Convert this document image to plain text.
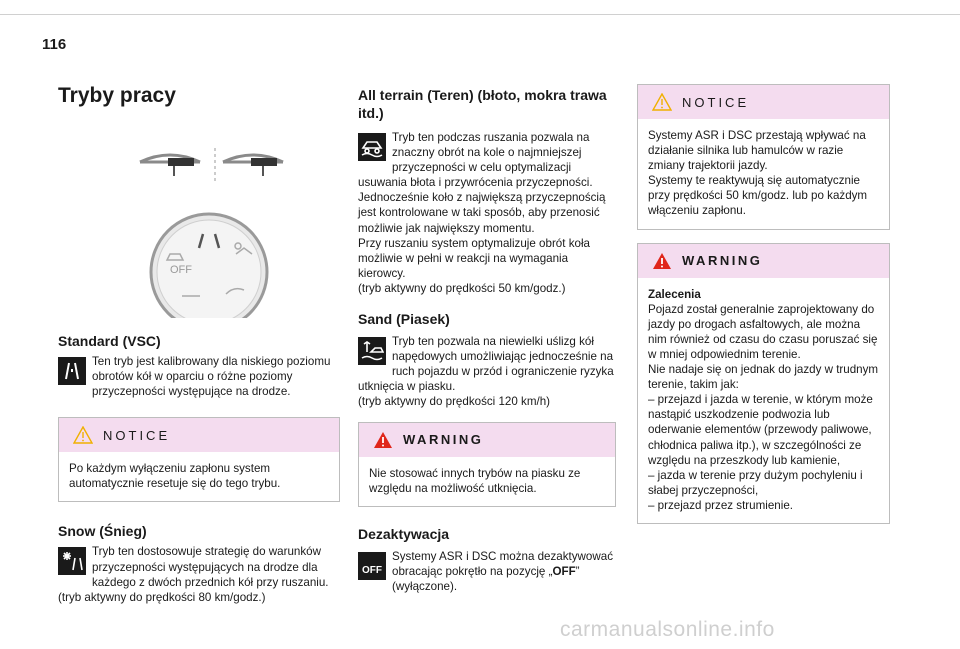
116
Tryby pracy
OFF
Standard (VSC)

Ten tryb jest kalibrowany dla niskiego poziomu obrotów kół w oparciu o różne poziomy przyczepności występujące na drodze.

NOTICE

Po każdym wyłączeniu zapłonu system automatycznie resetuje się do tego trybu.

Snow (Śnieg)

Tryb ten dostosowuje strategię do warunków przyczepności występujących na drodze dla każdego z dwóch przednich kół przy ruszaniu.
(tryb aktywny do prędkości 80 km/godz.)

All terrain (Teren) (błoto, mokra trawa itd.)

Tryb ten podczas ruszania pozwala na znaczny obrót na kole o najmniejszej przyczepności w celu optymalizacji usuwania błota i przywrócenia przyczepności.
Jednocześnie koło z największą przyczepnością jest kontrolowane w taki sposób, aby przenosić możliwie jak największy momentu.
Przy ruszaniu system optymalizuje obrót koła możliwie w pełni w reakcji na wymagania kierowcy.
(tryb aktywny do prędkości 50 km/godz.)

Sand (Piasek)

Tryb ten pozwala na niewielki uślizg kół napędowych umożliwiając jednocześnie na ruch pojazdu w przód i ograniczenie ryzyka utknięcia w piasku.
(tryb aktywny do prędkości 120 km/h)

WARNING

Nie stosować innych trybów na piasku ze względu na możliwość utknięcia.

Dezaktywacja
OFF

Systemy ASR i DSC można dezaktywować obracając pokrętło na pozycję „OFF” (wyłączone).

NOTICE

Systemy ASR i DSC przestają wpływać na działanie silnika lub hamulców w razie zmiany trajektorii jazdy.
Systemy te reaktywują się automatycznie przy prędkości 50 km/godz. lub po każdym włączeniu zapłonu.

WARNING

Zalecenia

Pojazd został generalnie zaprojektowany do jazdy po drogach asfaltowych, ale można nim również od czasu do czasu poruszać się w mniej odpowiednim terenie.
Nie nadaje się on jednak do jazdy w trudnym terenie, takim jak:
– przejazd i jazda w terenie, w którym może nastąpić uszkodzenie podwozia lub oderwanie elementów (przewody paliwowe, chłodnica paliwa itp.), w szczególności ze względu na przeszkody lub kamienie,
– jazda w terenie przy dużym pochyleniu i słabej przyczepności,
– przejazd przez strumienie.

carmanualsonline.info
